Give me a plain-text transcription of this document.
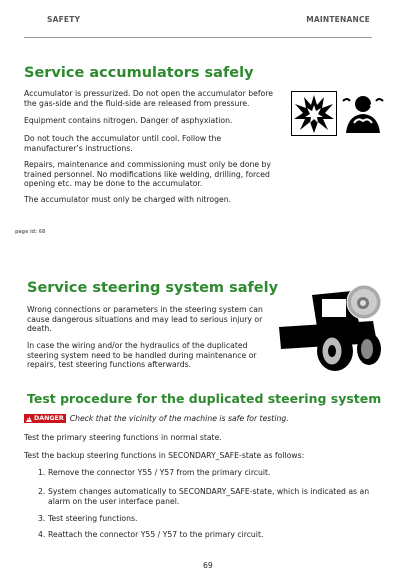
SAFETY	MAINTENANCE
Service accumulators safely

Accumulator is pressurized. Do not open the accumulator before the gas-side and the fluid-side are released from pressure.

Equipment contains nitrogen. Danger of asphyxiation.

Do not touch the accumulator until cool. Follow the manufacturer’s instructions.

Repairs, maintenance and commissioning must only be done by trained personnel. No modifications like welding, drilling, forced opening etc. may be done to the accumulator.

The accumulator must only be charged with nitrogen.

page id: 68
Service steering system safely

Wrong connections or parameters in the steering system can cause dangerous situations and may lead to serious injury or death.

In case the wiring and/or the hydraulics of the duplicated steering system need to be handled during maintenance or repairs, test steering functions afterwards.

Test procedure for the duplicated steering system
!
DANGER Check that the vicinity of the machine is safe for testing.

Test the primary steering functions in normal state.

Test the backup steering functions in SECONDARY_SAFE-state as follows:

1. Remove the connector Y55 / Y57 from the primary circuit.
2. System changes automatically to SECONDARY_SAFE-state, which is indicated as an alarm on the user interface panel.
3. Test steering functions.
4. Reattach the connector Y55 / Y57 to the primary circuit.
69
